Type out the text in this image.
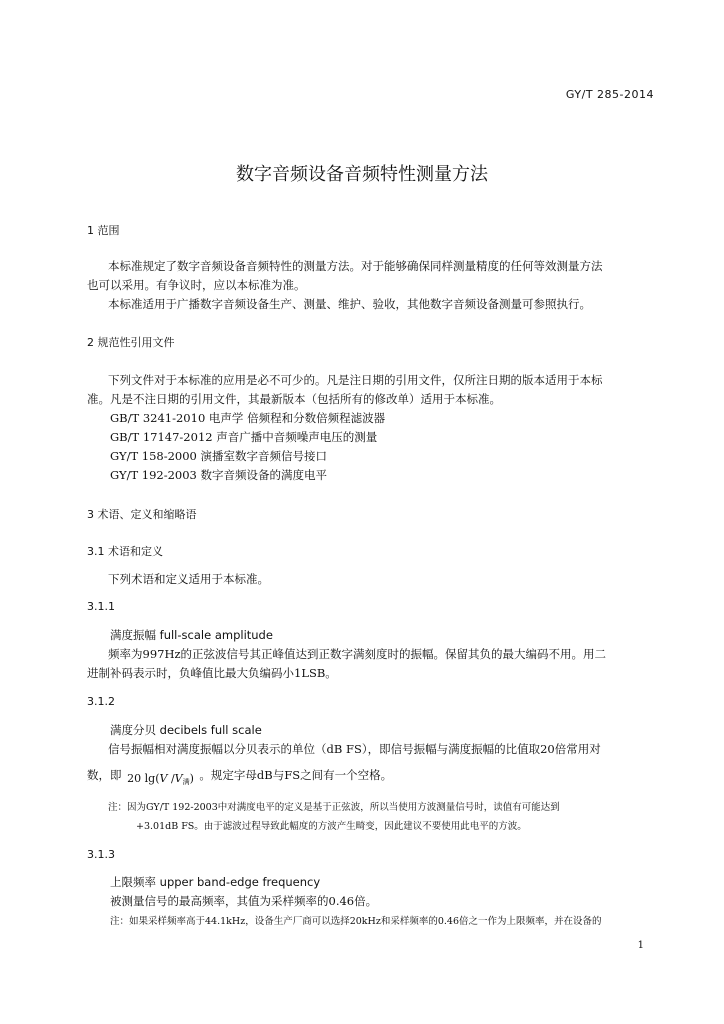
GY/T 285-2014
数字音频设备音频特性测量方法
1 范围
本标准规定了数字音频设备音频特性的测量方法。对于能够确保同样测量精度的任何等效测量方法
也可以采用。有争议时，应以本标准为准。
本标准适用于广播数字音频设备生产、测量、维护、验收，其他数字音频设备测量可参照执行。
2 规范性引用文件
下列文件对于本标准的应用是必不可少的。凡是注日期的引用文件，仅所注日期的版本适用于本标
准。凡是不注日期的引用文件，其最新版本（包括所有的修改单）适用于本标准。
GB/T 3241-2010 电声学 倍频程和分数倍频程滤波器
GB/T 17147-2012 声音广播中音频噪声电压的测量
GY/T 158-2000 演播室数字音频信号接口
GY/T 192-2003 数字音频设备的满度电平
3 术语、定义和缩略语
3.1 术语和定义
下列术语和定义适用于本标准。
3.1.1
满度振幅 full-scale amplitude
频率为997Hz的正弦波信号其正峰值达到正数字满刻度时的振幅。保留其负的最大编码不用。用二
进制补码表示时，负峰值比最大负编码小1LSB。
3.1.2
满度分贝 decibels full scale
信号振幅相对满度振幅以分贝表示的单位（dB FS），即信号振幅与满度振幅的比值取20倍常用对
数，即 20 lg(V /V满) 。规定字母dB与FS之间有一个空格。
注：因为GY/T 192-2003中对满度电平的定义是基于正弦波，所以当使用方波测量信号时，读值有可能达到
+3.01dB FS。由于滤波过程导致此幅度的方波产生畸变，因此建议不要使用此电平的方波。
3.1.3
上限频率 upper band-edge frequency
被测量信号的最高频率，其值为采样频率的0.46倍。
注：如果采样频率高于44.1kHz，设备生产厂商可以选择20kHz和采样频率的0.46倍之一作为上限频率，并在设备的
1
